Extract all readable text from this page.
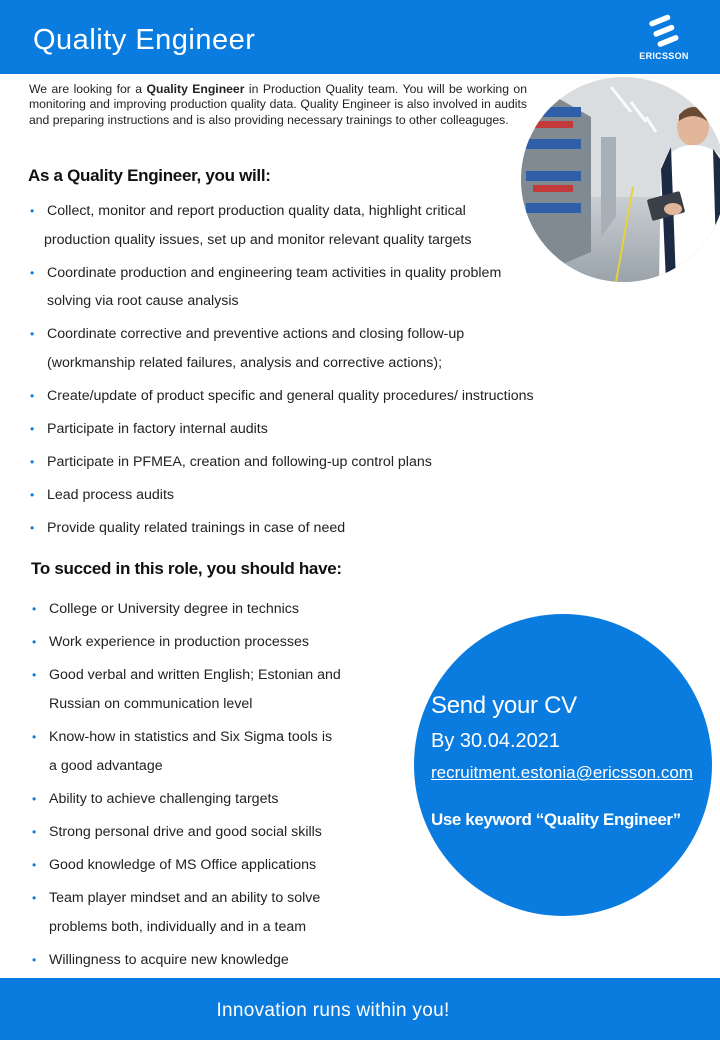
Quality Engineer	ERICSSON
We are looking for a Quality Engineer in Production Quality team. You will be working on monitoring and improving production quality data. Quality Engineer is also involved in audits and preparing instructions and is also providing necessary trainings to other colleaguges.
As a Quality Engineer, you will:
• Collect, monitor and report production quality data, highlight critical
production quality issues, set up and monitor relevant quality targets
• Coordinate production and engineering team activities in quality problem
solving via root cause analysis
• Coordinate corrective and preventive actions and closing follow-up
(workmanship related failures, analysis and corrective actions);
• Create/update of product specific and general quality procedures/ instructions
• Participate in factory internal audits
• Participate in PFMEA, creation and following-up control plans
• Lead process audits
• Provide quality related trainings in case of need
To succed in this role, you should have:
• College or University degree in technics
• Work experience in production processes
• Good verbal and written English; Estonian and
Russian on communication level
• Know-how in statistics and Six Sigma tools is
a good advantage
• Ability to achieve challenging targets
• Strong personal drive and good social skills
• Good knowledge of MS Office applications
• Team player mindset and an ability to solve
problems both, individually and in a team
• Willingness to acquire new knowledge
Send your CV
By 30.04.2021
recruitment.estonia@ericsson.com
Use keyword “Quality Engineer”
Innovation runs within you!
